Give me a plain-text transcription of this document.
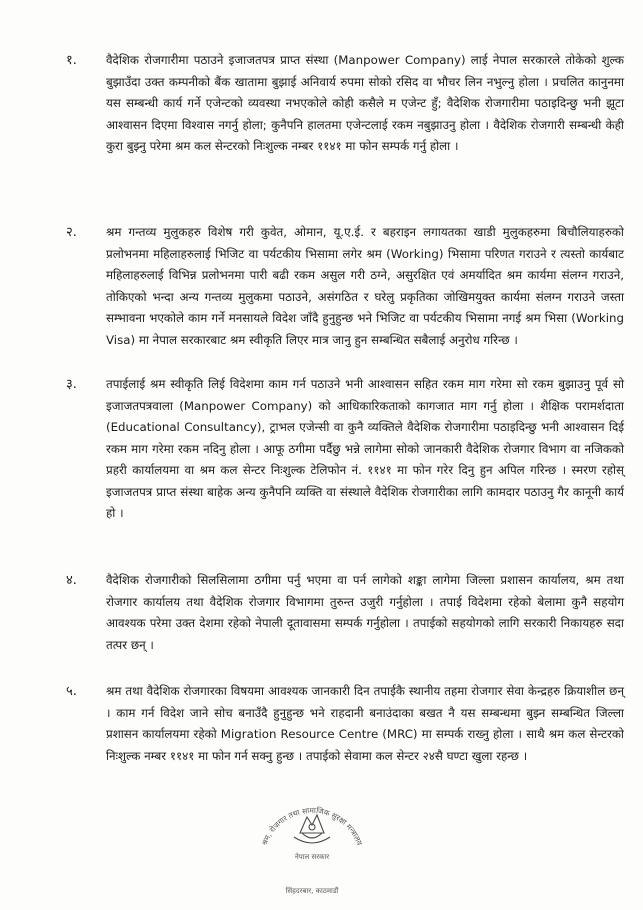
१.	वैदेशिक रोजगारीमा पठाउने इजाजतपत्र प्राप्त संस्था (Manpower Company) लाई नेपाल सरकारले तोकेको शुल्क बुझाउँदा उक्त कम्पनीको बैंक खातामा बुझाई अनिवार्य रुपमा सोको रसिद वा भौचर लिन नभुल्नु होला । प्रचलित कानुनमा यस सम्बन्धी कार्य गर्ने एजेन्टको व्यवस्था नभएकोले कोही कसैले म एजेन्ट हुँ; वैदेशिक रोजगारीमा पठाइदिन्छु भनी झूटा आश्वासन दिएमा विश्वास नगर्नु होला; कुनैपनि हालतमा एजेन्टलाई रकम नबुझाउनु होला । वैदेशिक रोजगारी सम्बन्धी केही कुरा बुझ्नु परेमा श्रम कल सेन्टरको निःशुल्क नम्बर ११४१ मा फोन सम्पर्क गर्नु होला ।
२.	श्रम गन्तव्य मुलुकहरु विशेष गरी कुवेत, ओमान, यू.ए.ई. र बहराइन लगायतका खाडी मुलुकहरुमा बिचौलियाहरुको प्रलोभनमा महिलाहरुलाई भिजिट वा पर्यटकीय भिसामा लगेर श्रम (Working) भिसामा परिणत गराउने र त्यस्तो कार्यबाट महिलाहरुलाई विभिन्न प्रलोभनमा पारी बढी रकम असुल गरी ठग्ने, असुरक्षित एवं अमर्यादित श्रम कार्यमा संलग्न गराउने, तोकिएको भन्दा अन्य गन्तव्य मुलुकमा पठाउने, असंगठित र घरेलु प्रकृतिका जोखिमयुक्त कार्यमा संलग्न गराउने जस्ता सम्भावना भएकोले काम गर्ने मनसायले विदेश जाँदै हुनुहुन्छ भने भिजिट वा पर्यटकीय भिसामा नगई श्रम भिसा (Working Visa) मा नेपाल सरकारबाट श्रम स्वीकृति लिएर मात्र जानु हुन सम्बन्धित सबैलाई अनुरोध गरिन्छ ।
३.	तपाईलाई श्रम स्वीकृति लिई विदेशमा काम गर्न पठाउने भनी आश्वासन सहित रकम माग गरेमा सो रकम बुझाउनु पूर्व सो इजाजतपत्रवाला (Manpower Company) को आधिकारिकताको कागजात माग गर्नु होला । शैक्षिक परामर्शदाता (Educational Consultancy), ट्राभल एजेन्सी वा कुनै व्यक्तिले वैदेशिक रोजगारीमा पठाइदिन्छु भनी आश्वासन दिई रकम माग गरेमा रकम नदिनु होला । आफू ठगीमा पर्दैछु भन्ने लागेमा सोको जानकारी वैदेशिक रोजगार विभाग वा नजिकको प्रहरी कार्यालयमा वा श्रम कल सेन्टर निःशुल्क टेलिफोन नं. ११४१ मा फोन गरेर दिनु हुन अपिल गरिन्छ । स्मरण रहोस् इजाजतपत्र प्राप्त संस्था बाहेक अन्य कुनैपनि व्यक्ति वा संस्थाले वैदेशिक रोजगारीका लागि कामदार पठाउनु गैर कानूनी कार्य हो ।
४.	वैदेशिक रोजगारीको सिलसिलामा ठगीमा पर्नु भएमा वा पर्न लागेको शङ्का लागेमा जिल्ला प्रशासन कार्यालय, श्रम तथा रोजगार कार्यालय तथा वैदेशिक रोजगार विभागमा तुरुन्त उजुरी गर्नुहोला । तपाई विदेशमा रहेको बेलामा कुनै सहयोग आवश्यक परेमा उक्त देशमा रहेको नेपाली दूतावासमा सम्पर्क गर्नुहोला । तपाईको सहयोगको लागि सरकारी निकायहरु सदा तत्पर छन् ।
५.	श्रम तथा वैदेशिक रोजगारका विषयमा आवश्यक जानकारी दिन तपाईकै स्थानीय तहमा रोजगार सेवा केन्द्रहरु क्रियाशील छन् । काम गर्न विदेश जाने सोच बनाउँदै हुनुहुन्छ भने राहदानी बनाउंदाका बखत नै यस सम्बन्धमा बुझ्न सम्बन्धित जिल्ला प्रशासन कार्यालयमा रहेको Migration Resource Centre (MRC) मा सम्पर्क राख्नु होला । साथै श्रम कल सेन्टरको निःशुल्क नम्बर ११४१ मा फोन गर्न सक्नु हुन्छ । तपाईको सेवामा कल सेन्टर २४सै घण्टा खुला रहन्छ ।
श्रम, रोजगार तथा सामाजिक सुरक्षा मन्त्रालय
नेपाल सरकार
सिंहदरबार, काठमाडौं
